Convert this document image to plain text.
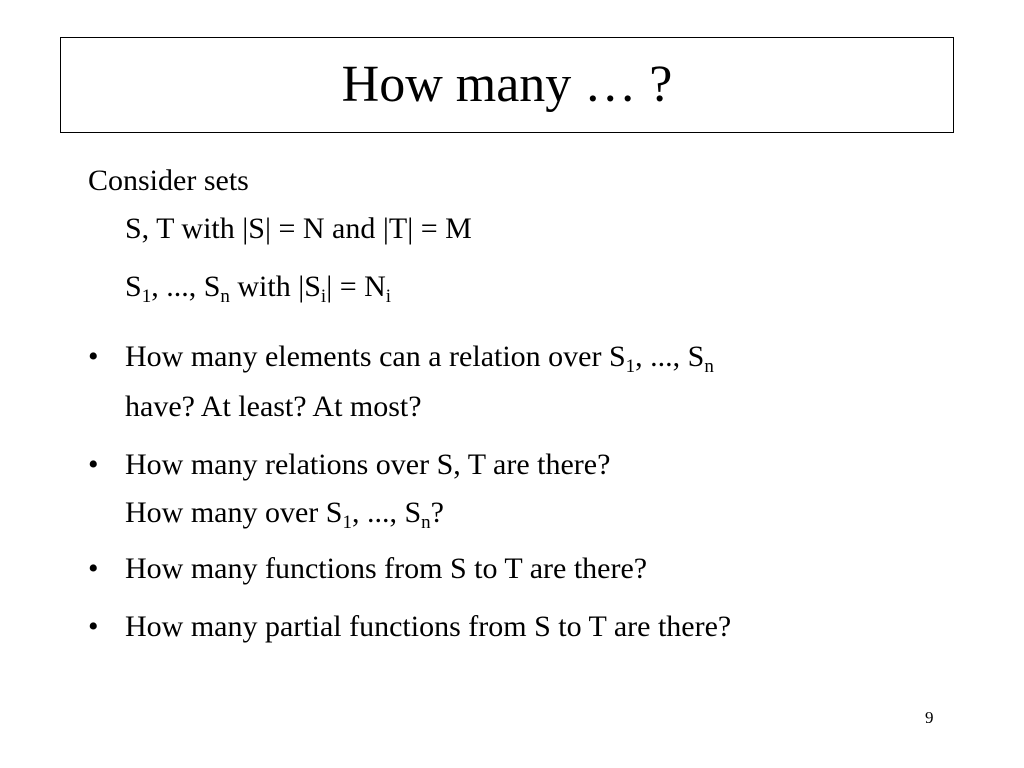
How many … ?
Consider sets
S, T with |S| = N and |T| = M
$S_1$, ..., $S_n$ with $|S_i| = N_i$
• How many elements can a relation over $S_1$, ..., $S_n$
have? At least? At most?
• How many relations over S, T are there?
How many over $S_1$, ..., $S_n$?
• How many functions from S to T are there?
• How many partial functions from S to T are there?
9
